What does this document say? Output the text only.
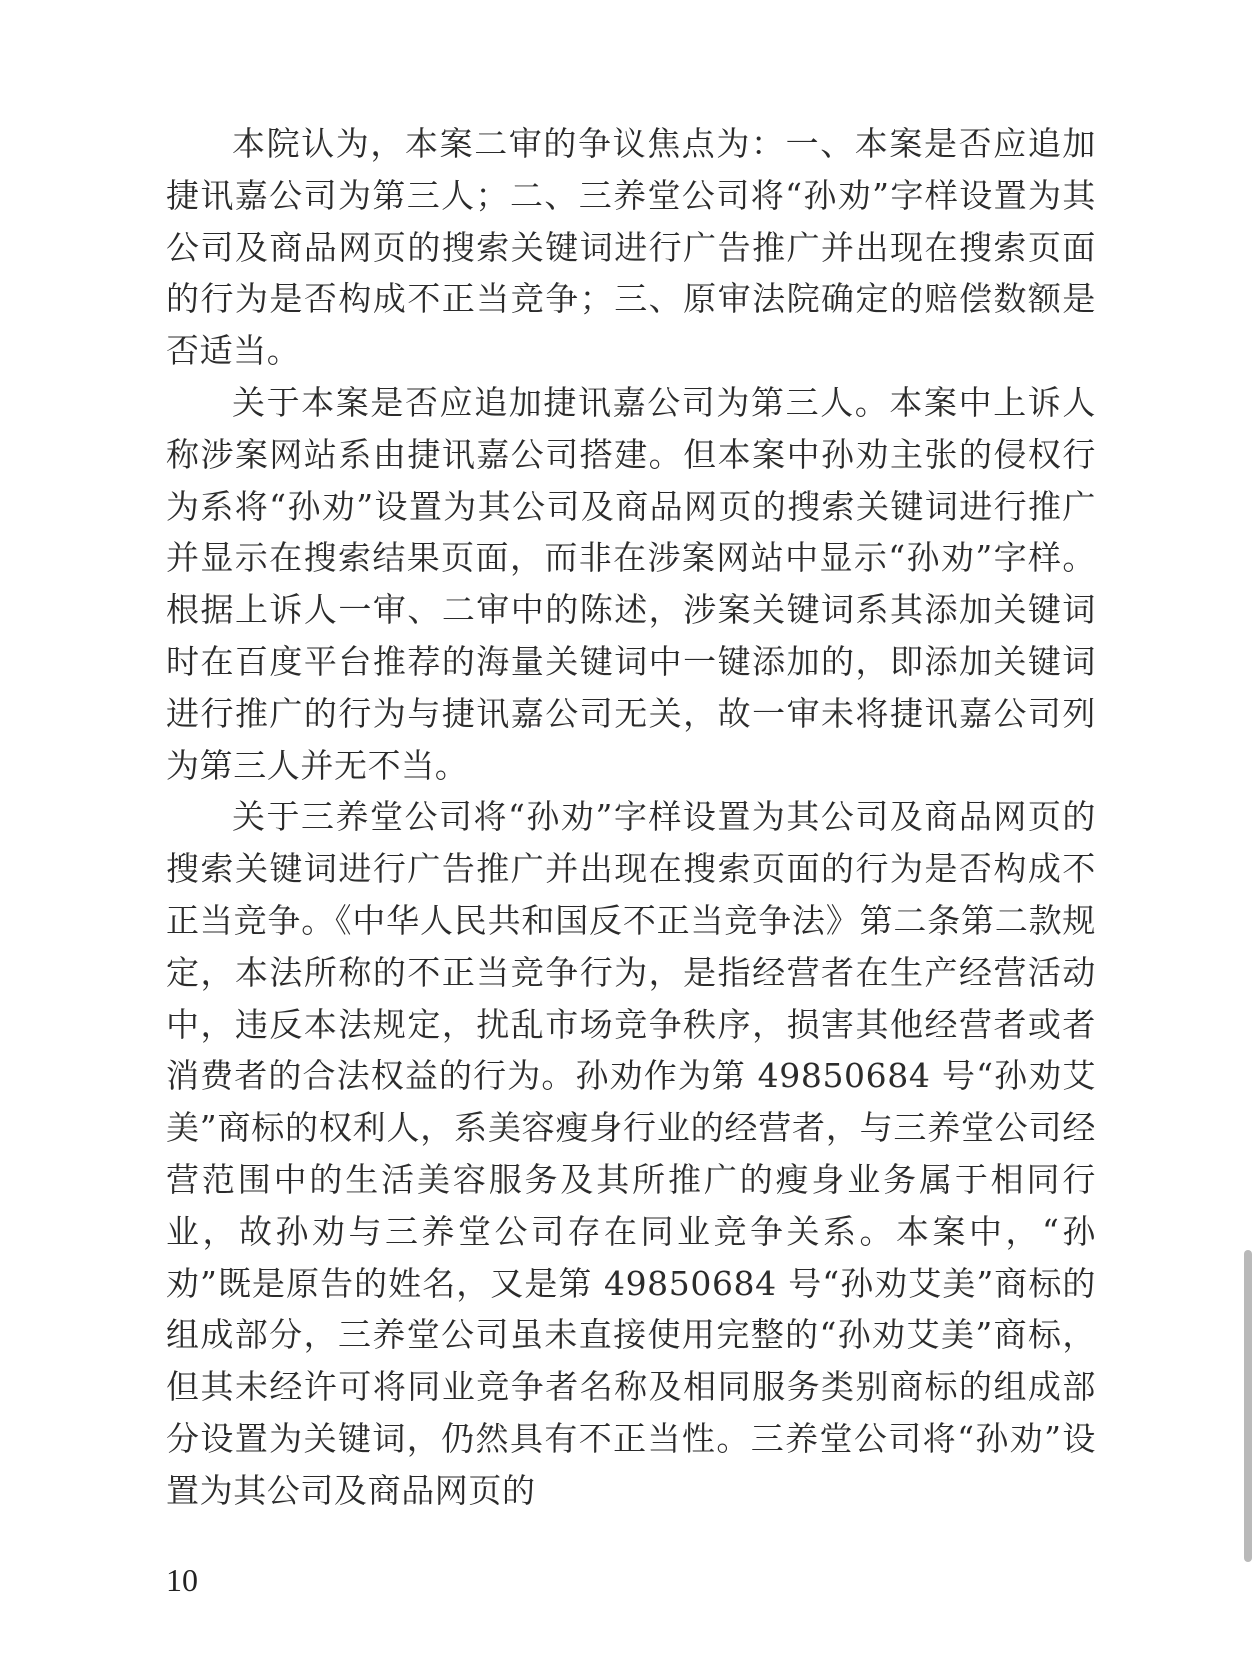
本院认为，本案二审的争议焦点为：一、本案是否应追加捷讯嘉公司为第三人；二、三养堂公司将“孙劝”字样设置为其公司及商品网页的搜索关键词进行广告推广并出现在搜索页面的行为是否构成不正当竞争；三、原审法院确定的赔偿数额是否适当。

关于本案是否应追加捷讯嘉公司为第三人。本案中上诉人称涉案网站系由捷讯嘉公司搭建。但本案中孙劝主张的侵权行为系将“孙劝”设置为其公司及商品网页的搜索关键词进行推广并显示在搜索结果页面，而非在涉案网站中显示“孙劝”字样。根据上诉人一审、二审中的陈述，涉案关键词系其添加关键词时在百度平台推荐的海量关键词中一键添加的，即添加关键词进行推广的行为与捷讯嘉公司无关，故一审未将捷讯嘉公司列为第三人并无不当。

关于三养堂公司将“孙劝”字样设置为其公司及商品网页的搜索关键词进行广告推广并出现在搜索页面的行为是否构成不正当竞争。《中华人民共和国反不正当竞争法》第二条第二款规定，本法所称的不正当竞争行为，是指经营者在生产经营活动中，违反本法规定，扰乱市场竞争秩序，损害其他经营者或者消费者的合法权益的行为。孙劝作为第 49850684 号“孙劝艾美”商标的权利人，系美容瘦身行业的经营者，与三养堂公司经营范围中的生活美容服务及其所推广的瘦身业务属于相同行业，故孙劝与三养堂公司存在同业竞争关系。本案中，“孙劝”既是原告的姓名，又是第 49850684 号“孙劝艾美”商标的组成部分，三养堂公司虽未直接使用完整的“孙劝艾美”商标，但其未经许可将同业竞争者名称及相同服务类别商标的组成部分设置为关键词，仍然具有不正当性。三养堂公司将“孙劝”设置为其公司及商品网页的

10
